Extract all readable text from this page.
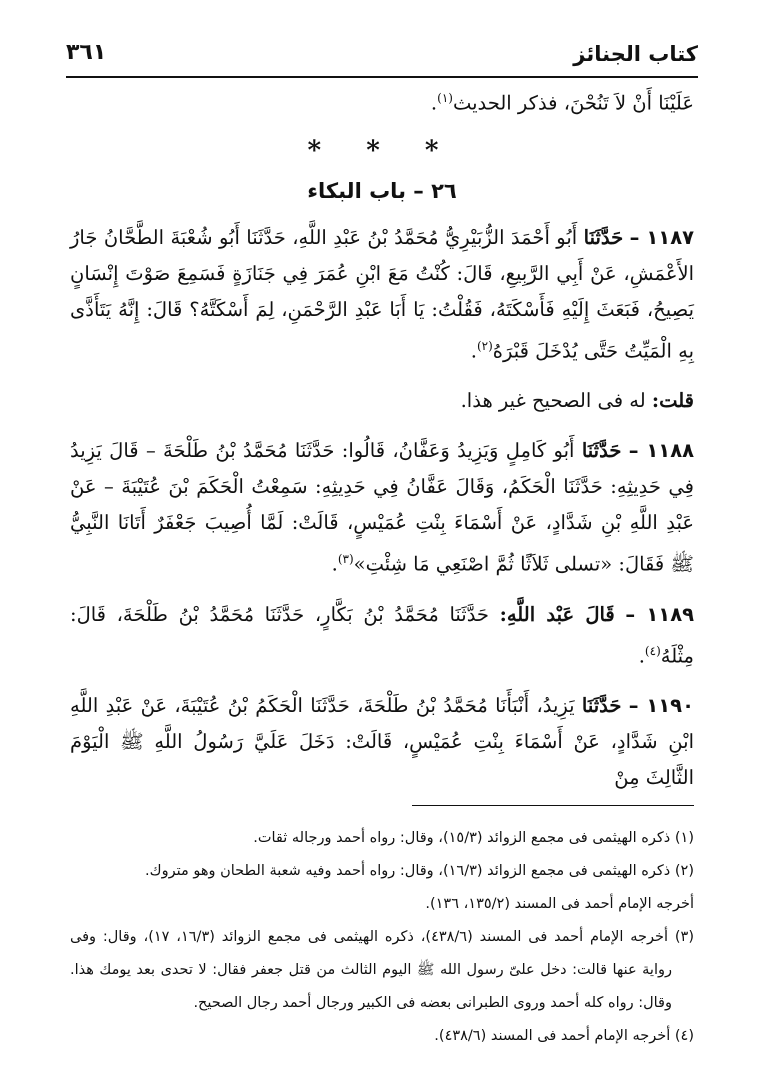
كتاب الجنائز
٣٦١

عَلَيْنَا أَنْ لاَ تَنُحْنَ، فذكر الحديث$^{(١)}$.

* * *
٢٦ – باب البكاء

١١٨٧ – حَدَّثَنَا أَبُو أَحْمَدَ الزُّبَيْرِيُّ مُحَمَّدُ بْنُ عَبْدِ اللَّهِ، حَدَّثَنَا أَبُو شُعْبَةَ الطَّحَّانُ جَارُ الأَعْمَشِ، عَنْ أَبِي الرَّبِيعِ، قَالَ: كُنْتُ مَعَ ابْنِ عُمَرَ فِي جَنَازَةٍ فَسَمِعَ صَوْتَ إِنْسَانٍ يَصِيحُ، فَبَعَثَ إِلَيْهِ فَأَسْكَتَهُ، فَقُلْتُ: يَا أَبَا عَبْدِ الرَّحْمَنِ، لِمَ أَسْكَتَّهُ؟ قَالَ: إِنَّهُ يَتَأَذَّى بِهِ الْمَيِّتُ حَتَّى يُدْخَلَ قَبْرَهُ$^{(٢)}$.

قلت: له فى الصحيح غير هذا.

١١٨٨ – حَدَّثَنَا أَبُو كَامِلٍ وَيَزِيدُ وَعَفَّانُ، قَالُوا: حَدَّثَنَا مُحَمَّدُ بْنُ طَلْحَةَ – قَالَ يَزِيدُ فِي حَدِيثِهِ: حَدَّثَنَا الْحَكَمُ، وَقَالَ عَفَّانُ فِي حَدِيثِهِ: سَمِعْتُ الْحَكَمَ بْنَ عُتَيْبَةَ – عَنْ عَبْدِ اللَّهِ بْنِ شَدَّادٍ، عَنْ أَسْمَاءَ بِنْتِ عُمَيْسٍ، قَالَتْ: لَمَّا أُصِيبَ جَعْفَرٌ أَتَانَا النَّبِيُّ ﷺ فَقَالَ: «تسلى ثَلاَثًا ثُمَّ اصْنَعِي مَا شِئْتِ»$^{(٣)}$.

١١٨٩ – قَالَ عَبْد اللَّهِ: حَدَّثَنَا مُحَمَّدُ بْنُ بَكَّارٍ، حَدَّثَنَا مُحَمَّدُ بْنُ طَلْحَةَ، قَالَ: مِثْلَهُ$^{(٤)}$.

١١٩٠ – حَدَّثَنَا يَزِيدُ، أَنْبَأَنَا مُحَمَّدُ بْنُ طَلْحَةَ، حَدَّثَنَا الْحَكَمُ بْنُ عُتَيْبَةَ، عَنْ عَبْدِ اللَّهِ ابْنِ شَدَّادٍ، عَنْ أَسْمَاءَ بِنْتِ عُمَيْسٍ، قَالَتْ: دَخَلَ عَلَيَّ رَسُولُ اللَّهِ ﷺ الْيَوْمَ الثَّالِثَ مِنْ

(١) ذكره الهيثمى فى مجمع الزوائد (١٥/٣)، وقال: رواه أحمد ورجاله ثقات.
(٢) ذكره الهيثمى فى مجمع الزوائد (١٦/٣)، وقال: رواه أحمد وفيه شعبة الطحان وهو متروك.
أخرجه الإمام أحمد فى المسند (١٣٥/٢، ١٣٦).
(٣) أخرجه الإمام أحمد فى المسند (٤٣٨/٦)، ذكره الهيثمى فى مجمع الزوائد (١٦/٣، ١٧)، وقال: وفى رواية عنها قالت: دخل علىّ رسول الله ﷺ اليوم الثالث من قتل جعفر فقال: لا تحدى بعد يومك هذا. وقال: رواه كله أحمد وروى الطبرانى بعضه فى الكبير ورجال أحمد رجال الصحيح.
(٤) أخرجه الإمام أحمد فى المسند (٤٣٨/٦).
